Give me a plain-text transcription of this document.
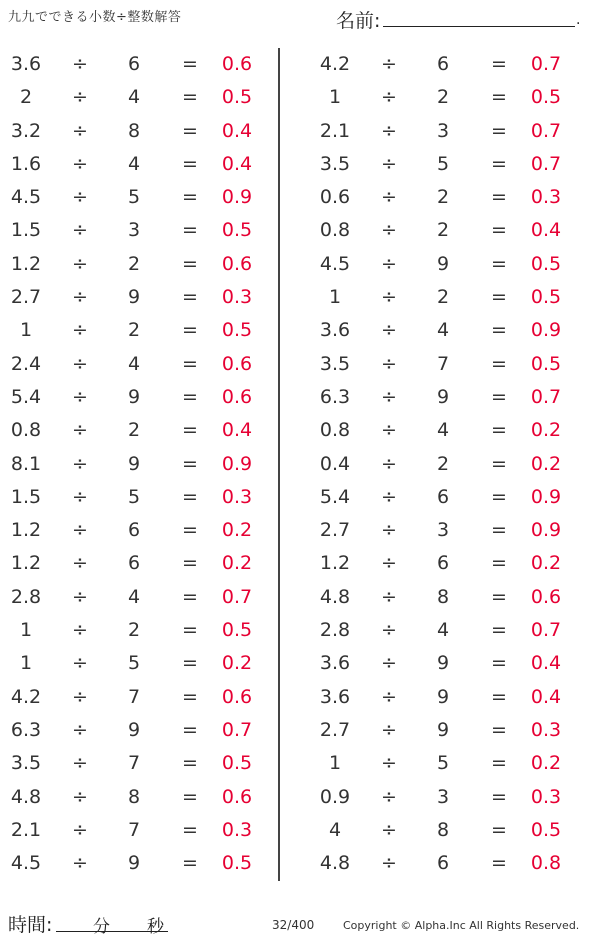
九九でできる小数÷整数解答	名前:	.
3.6	÷	6	=	0.6
2	÷	4	=	0.5
3.2	÷	8	=	0.4
1.6	÷	4	=	0.4
4.5	÷	5	=	0.9
1.5	÷	3	=	0.5
1.2	÷	2	=	0.6
2.7	÷	9	=	0.3
1	÷	2	=	0.5
2.4	÷	4	=	0.6
5.4	÷	9	=	0.6
0.8	÷	2	=	0.4
8.1	÷	9	=	0.9
1.5	÷	5	=	0.3
1.2	÷	6	=	0.2
1.2	÷	6	=	0.2
2.8	÷	4	=	0.7
1	÷	2	=	0.5
1	÷	5	=	0.2
4.2	÷	7	=	0.6
6.3	÷	9	=	0.7
3.5	÷	7	=	0.5
4.8	÷	8	=	0.6
2.1	÷	7	=	0.3
4.5	÷	9	=	0.5
4.2	÷	6	=	0.7
1	÷	2	=	0.5
2.1	÷	3	=	0.7
3.5	÷	5	=	0.7
0.6	÷	2	=	0.3
0.8	÷	2	=	0.4
4.5	÷	9	=	0.5
1	÷	2	=	0.5
3.6	÷	4	=	0.9
3.5	÷	7	=	0.5
6.3	÷	9	=	0.7
0.8	÷	4	=	0.2
0.4	÷	2	=	0.2
5.4	÷	6	=	0.9
2.7	÷	3	=	0.9
1.2	÷	6	=	0.2
4.8	÷	8	=	0.6
2.8	÷	4	=	0.7
3.6	÷	9	=	0.4
3.6	÷	9	=	0.4
2.7	÷	9	=	0.3
1	÷	5	=	0.2
0.9	÷	3	=	0.3
4	÷	8	=	0.5
4.8	÷	6	=	0.8
時間: 分 秒	32/400	Copyright © Alpha.Inc All Rights Reserved.
